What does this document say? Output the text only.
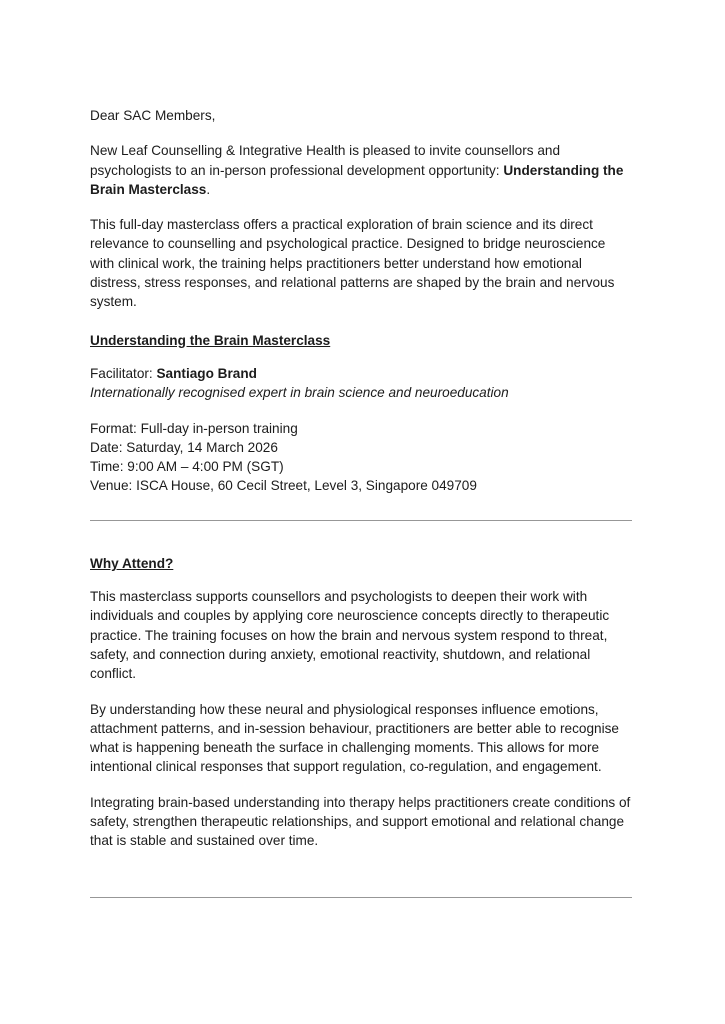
Dear SAC Members,

New Leaf Counselling & Integrative Health is pleased to invite counsellors and psychologists to an in-person professional development opportunity: Understanding the Brain Masterclass.

This full-day masterclass offers a practical exploration of brain science and its direct relevance to counselling and psychological practice. Designed to bridge neuroscience with clinical work, the training helps practitioners better understand how emotional distress, stress responses, and relational patterns are shaped by the brain and nervous system.

Understanding the Brain Masterclass

Facilitator: Santiago Brand
Internationally recognised expert in brain science and neuroeducation

Format: Full-day in-person training
Date: Saturday, 14 March 2026
Time: 9:00 AM – 4:00 PM (SGT)
Venue: ISCA House, 60 Cecil Street, Level 3, Singapore 049709

Why Attend?

This masterclass supports counsellors and psychologists to deepen their work with individuals and couples by applying core neuroscience concepts directly to therapeutic practice. The training focuses on how the brain and nervous system respond to threat, safety, and connection during anxiety, emotional reactivity, shutdown, and relational conflict.

By understanding how these neural and physiological responses influence emotions, attachment patterns, and in-session behaviour, practitioners are better able to recognise what is happening beneath the surface in challenging moments. This allows for more intentional clinical responses that support regulation, co-regulation, and engagement.

Integrating brain-based understanding into therapy helps practitioners create conditions of safety, strengthen therapeutic relationships, and support emotional and relational change that is stable and sustained over time.
